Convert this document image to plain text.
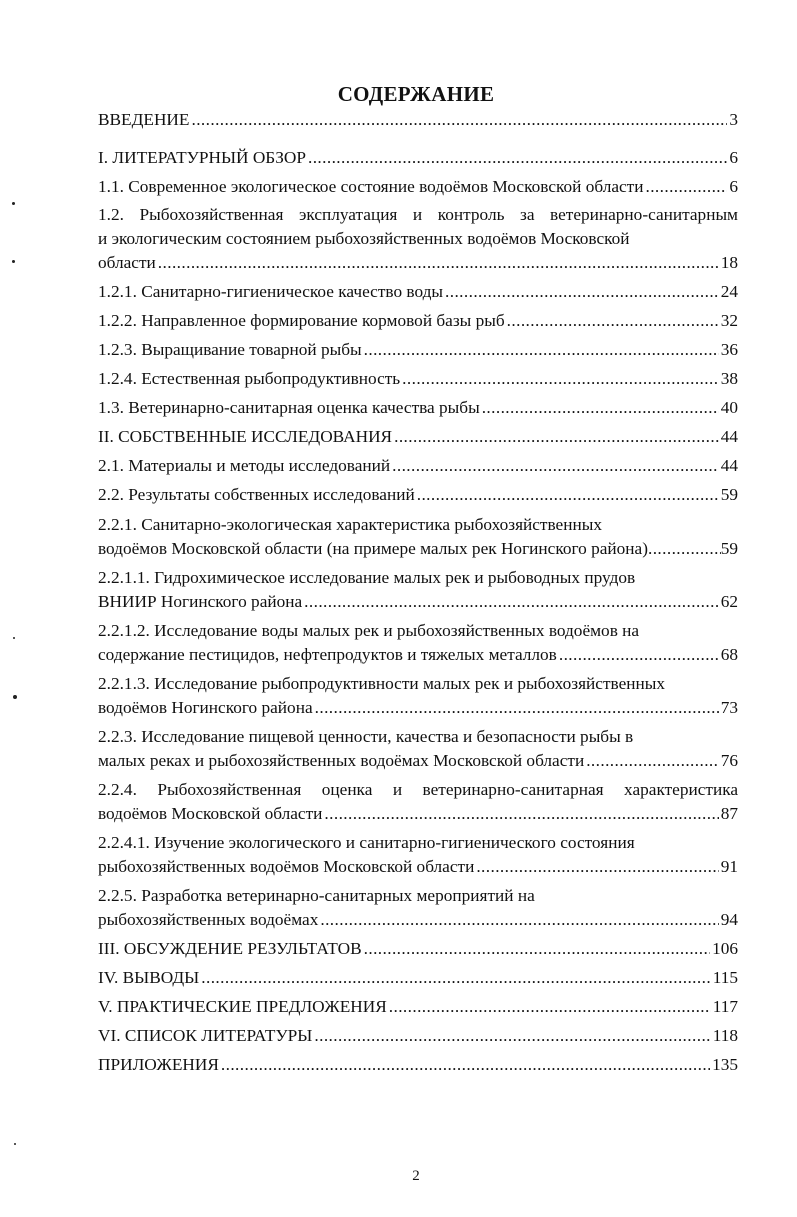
СОДЕРЖАНИЕ
ВВЕДЕНИЕ .....	3
I. ЛИТЕРАТУРНЫЙ ОБЗОР .....	6
1.1. Современное экологическое состояние водоёмов Московской области .....	6
1.2. Рыбохозяйственная эксплуатация и контроль за ветеринарно-санитарным
и экологическим состоянием рыбохозяйственных водоёмов Московской
области .....	18
1.2.1. Санитарно-гигиеническое качество воды .....	24
1.2.2. Направленное формирование кормовой базы рыб .....	32
1.2.3. Выращивание товарной рыбы .....	36
1.2.4. Естественная рыбопродуктивность .....	38
1.3. Ветеринарно-санитарная оценка качества рыбы .....	40
II. СОБСТВЕННЫЕ ИССЛЕДОВАНИЯ .....	44
2.1. Материалы и методы исследований .....	44
2.2. Результаты собственных исследований .....	59
2.2.1. Санитарно-экологическая характеристика рыбохозяйственных
водоёмов Московской области (на примере малых рек Ногинского района) .....	59
2.2.1.1. Гидрохимическое исследование малых рек и рыбоводных прудов
ВНИИР Ногинского района .....	62
2.2.1.2. Исследование воды малых рек и рыбохозяйственных водоёмов на
содержание пестицидов, нефтепродуктов и тяжелых металлов .....	68
2.2.1.3. Исследование рыбопродуктивности малых рек и рыбохозяйственных
водоёмов Ногинского района .....	73
2.2.3. Исследование пищевой ценности, качества и безопасности рыбы в
малых реках и рыбохозяйственных водоёмах Московской области .....	76
2.2.4. Рыбохозяйственная оценка и ветеринарно-санитарная характеристика
водоёмов Московской области .....	87
2.2.4.1. Изучение экологического и санитарно-гигиенического состояния
рыбохозяйственных водоёмов Московской области .....	91
2.2.5. Разработка ветеринарно-санитарных мероприятий на
рыбохозяйственных водоёмах .....	94
III. ОБСУЖДЕНИЕ РЕЗУЛЬТАТОВ .....	106
IV. ВЫВОДЫ .....	115
V. ПРАКТИЧЕСКИЕ ПРЕДЛОЖЕНИЯ .....	117
VI. СПИСОК ЛИТЕРАТУРЫ .....	118
ПРИЛОЖЕНИЯ .....	135
2
